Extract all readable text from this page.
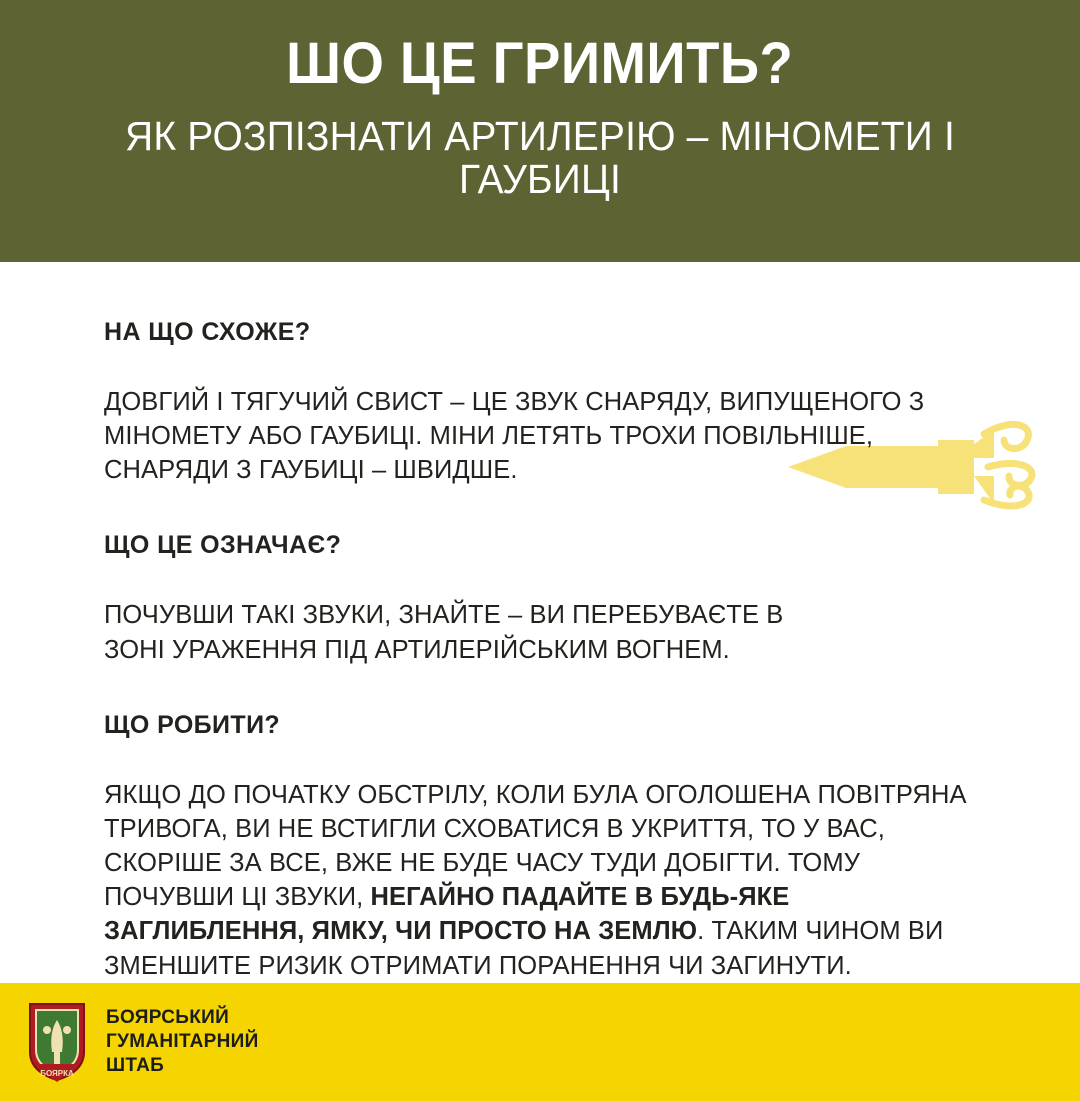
ШО ЦЕ ГРИМИТЬ?
ЯК РОЗПІЗНАТИ АРТИЛЕРІЮ – МІНОМЕТИ І ГАУБИЦІ
НА ЩО СХОЖЕ?

ДОВГИЙ І ТЯГУЧИЙ СВИСТ – ЦЕ ЗВУК СНАРЯДУ, ВИПУЩЕНОГО З МІНОМЕТУ АБО ГАУБИЦІ. МІНИ ЛЕТЯТЬ ТРОХИ ПОВІЛЬНІШЕ, СНАРЯДИ З ГАУБИЦІ – ШВИДШЕ.

ЩО ЦЕ ОЗНАЧАЄ?

ПОЧУВШИ ТАКІ ЗВУКИ, ЗНАЙТЕ – ВИ ПЕРЕБУВАЄТЕ В ЗОНІ УРАЖЕННЯ ПІД АРТИЛЕРІЙСЬКИМ ВОГНЕМ.

ЩО РОБИТИ?

ЯКЩО ДО ПОЧАТКУ ОБСТРІЛУ, КОЛИ БУЛА ОГОЛОШЕНА ПОВІТРЯНА ТРИВОГА, ВИ НЕ ВСТИГЛИ СХОВАТИСЯ В УКРИТТЯ, ТО У ВАС, СКОРІШЕ ЗА ВСЕ, ВЖЕ НЕ БУДЕ ЧАСУ ТУДИ ДОБІГТИ. ТОМУ ПОЧУВШИ ЦІ ЗВУКИ, НЕГАЙНО ПАДАЙТЕ В БУДЬ-ЯКЕ ЗАГЛИБЛЕННЯ, ЯМКУ, ЧИ ПРОСТО НА ЗЕМЛЮ. ТАКИМ ЧИНОМ ВИ ЗМЕНШИТЕ РИЗИК ОТРИМАТИ ПОРАНЕННЯ ЧИ ЗАГИНУТИ.

БОЯРКА
БОЯРСЬКИЙ
ГУМАНІТАРНИЙ
ШТАБ
